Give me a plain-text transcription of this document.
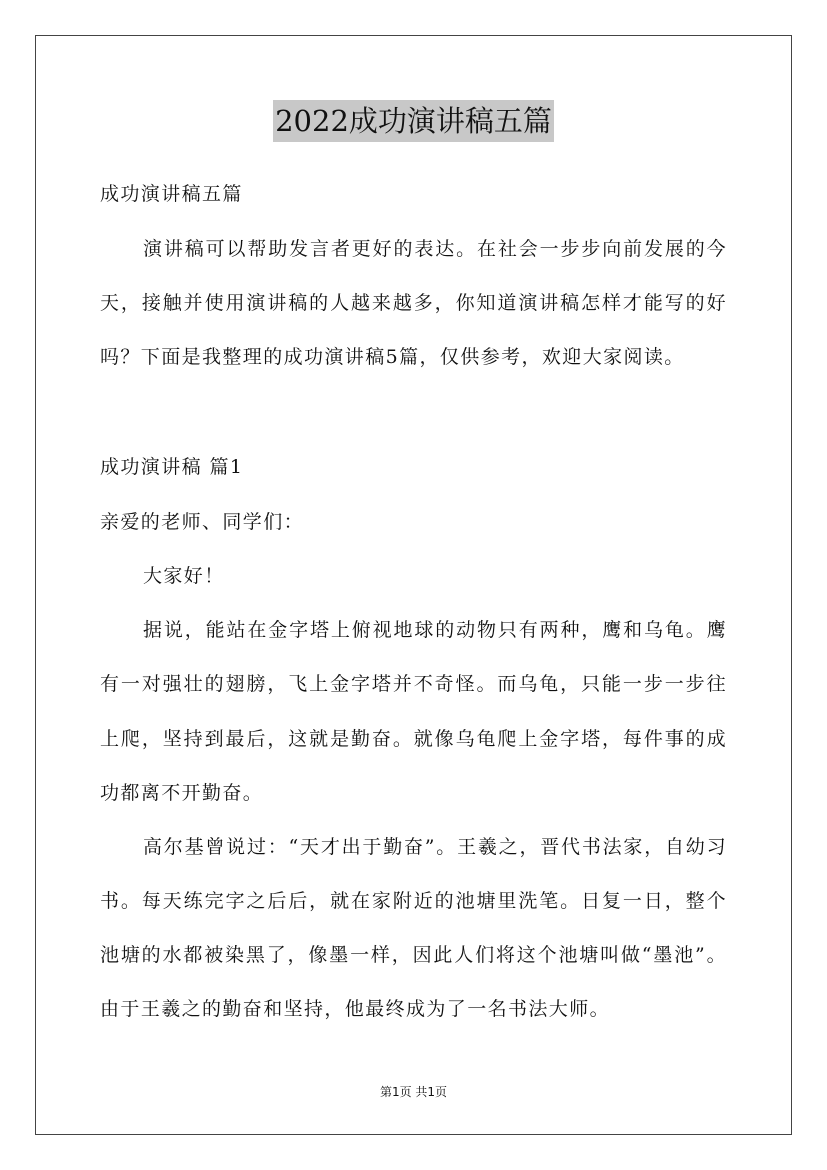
2022成功演讲稿五篇
成功演讲稿五篇
演讲稿可以帮助发言者更好的表达。在社会一步步向前发展的今
天，接触并使用演讲稿的人越来越多，你知道演讲稿怎样才能写的好
吗？下面是我整理的成功演讲稿5篇，仅供参考，欢迎大家阅读。
成功演讲稿 篇1
亲爱的老师、同学们：
大家好！
据说，能站在金字塔上俯视地球的动物只有两种，鹰和乌龟。鹰
有一对强壮的翅膀，飞上金字塔并不奇怪。而乌龟，只能一步一步往
上爬，坚持到最后，这就是勤奋。就像乌龟爬上金字塔，每件事的成
功都离不开勤奋。
高尔基曾说过：“天才出于勤奋”。王羲之，晋代书法家，自幼习
书。每天练完字之后后，就在家附近的池塘里洗笔。日复一日，整个
池塘的水都被染黑了，像墨一样，因此人们将这个池塘叫做“墨池”。
由于王羲之的勤奋和坚持，他最终成为了一名书法大师。
第1页 共1页
